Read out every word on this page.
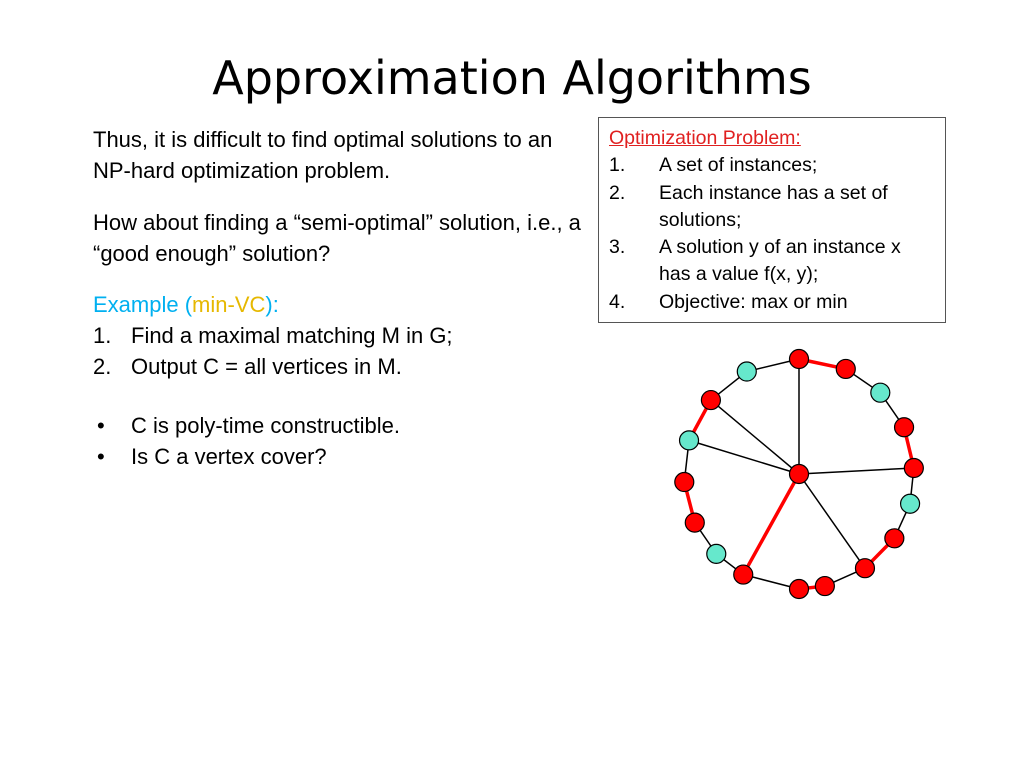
Approximation Algorithms
Thus, it is difficult to find optimal solutions to an NP-hard optimization problem.
How about finding a “semi-optimal” solution, i.e., a “good enough” solution?
Example (min-VC):
1. Find a maximal matching M in G;
2. Output C = all vertices in M.
•	C is poly-time constructible.
•	Is C a vertex cover?
Optimization Problem:
1.	A set of instances;
2.	Each instance has a set of solutions;
3.	A solution y of an instance x has a value f(x, y);
4.	Objective: max or min
